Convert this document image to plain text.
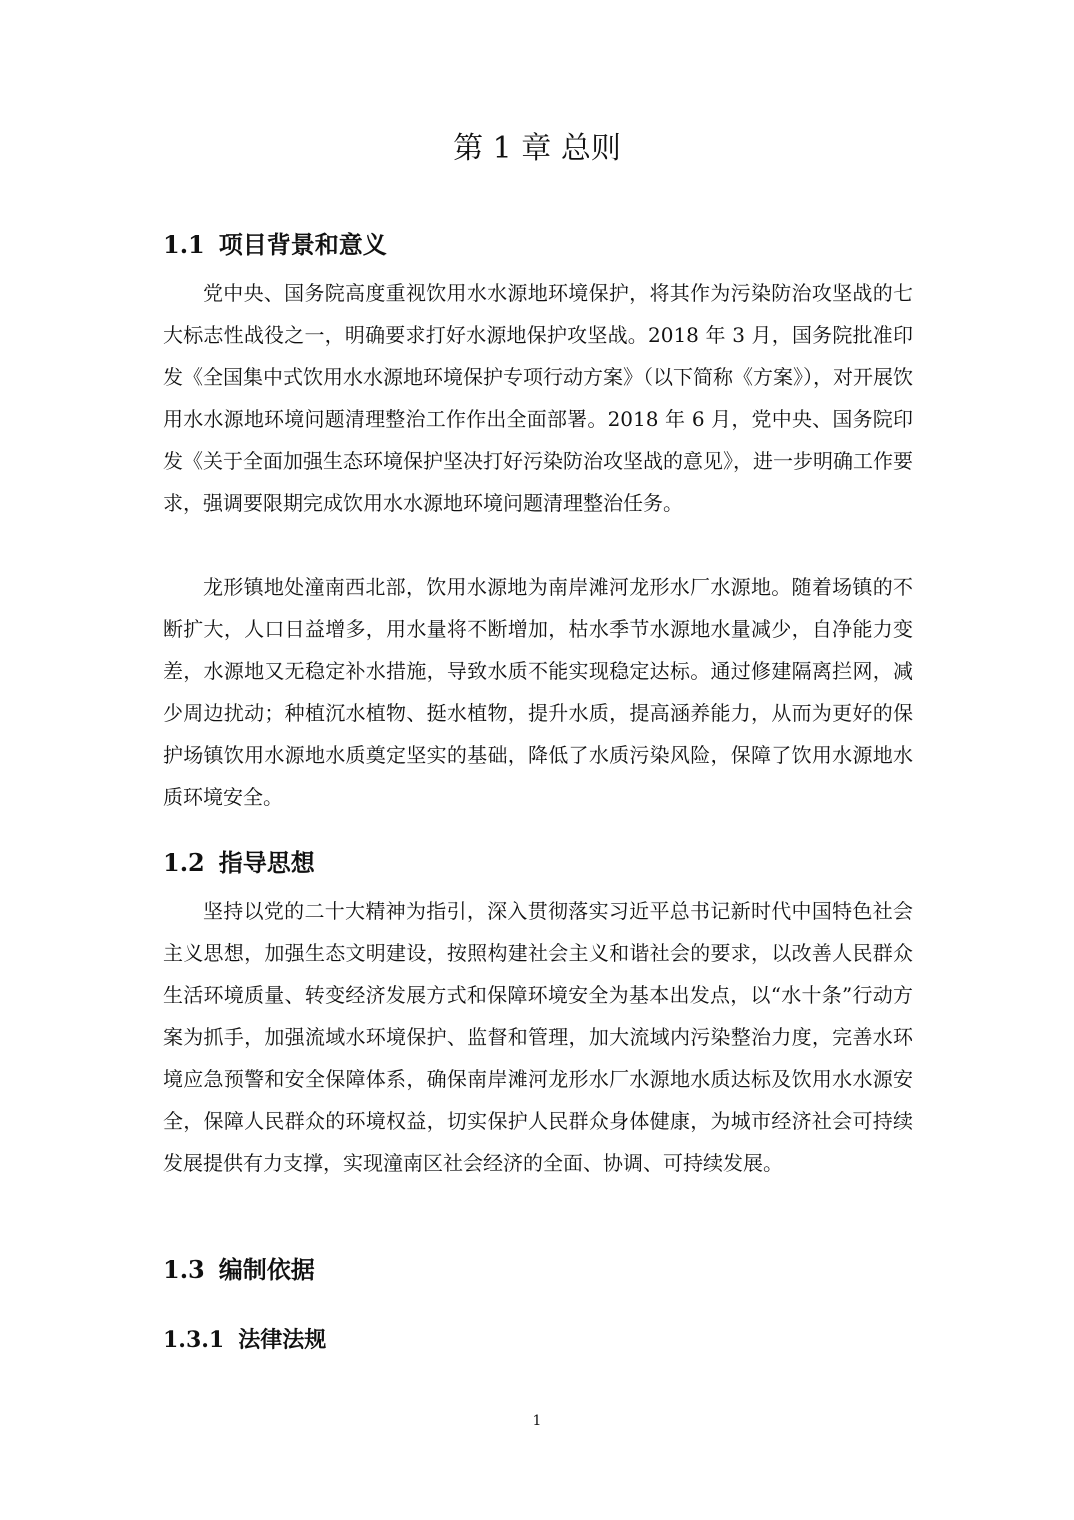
第 1 章 总则
1.1 项目背景和意义

党中央、国务院高度重视饮用水水源地环境保护，将其作为污染防治攻坚战的七大标志性战役之一，明确要求打好水源地保护攻坚战。2018 年 3 月，国务院批准印发《全国集中式饮用水水源地环境保护专项行动方案》（以下简称《方案》），对开展饮用水水源地环境问题清理整治工作作出全面部署。2018 年 6 月，党中央、国务院印发《关于全面加强生态环境保护坚决打好污染防治攻坚战的意见》，进一步明确工作要求，强调要限期完成饮用水水源地环境问题清理整治任务。

龙形镇地处潼南西北部，饮用水源地为南岸滩河龙形水厂水源地。随着场镇的不断扩大，人口日益增多，用水量将不断增加，枯水季节水源地水量减少，自净能力变差，水源地又无稳定补水措施，导致水质不能实现稳定达标。通过修建隔离拦网，减少周边扰动；种植沉水植物、挺水植物，提升水质，提高涵养能力，从而为更好的保护场镇饮用水源地水质奠定坚实的基础，降低了水质污染风险，保障了饮用水源地水质环境安全。

1.2 指导思想

坚持以党的二十大精神为指引，深入贯彻落实习近平总书记新时代中国特色社会主义思想，加强生态文明建设，按照构建社会主义和谐社会的要求，以改善人民群众生活环境质量、转变经济发展方式和保障环境安全为基本出发点，以“水十条”行动方案为抓手，加强流域水环境保护、监督和管理，加大流域内污染整治力度，完善水环境应急预警和安全保障体系，确保南岸滩河龙形水厂水源地水质达标及饮用水水源安全，保障人民群众的环境权益，切实保护人民群众身体健康，为城市经济社会可持续发展提供有力支撑，实现潼南区社会经济的全面、协调、可持续发展。

1.3 编制依据
1.3.1 法律法规
1
